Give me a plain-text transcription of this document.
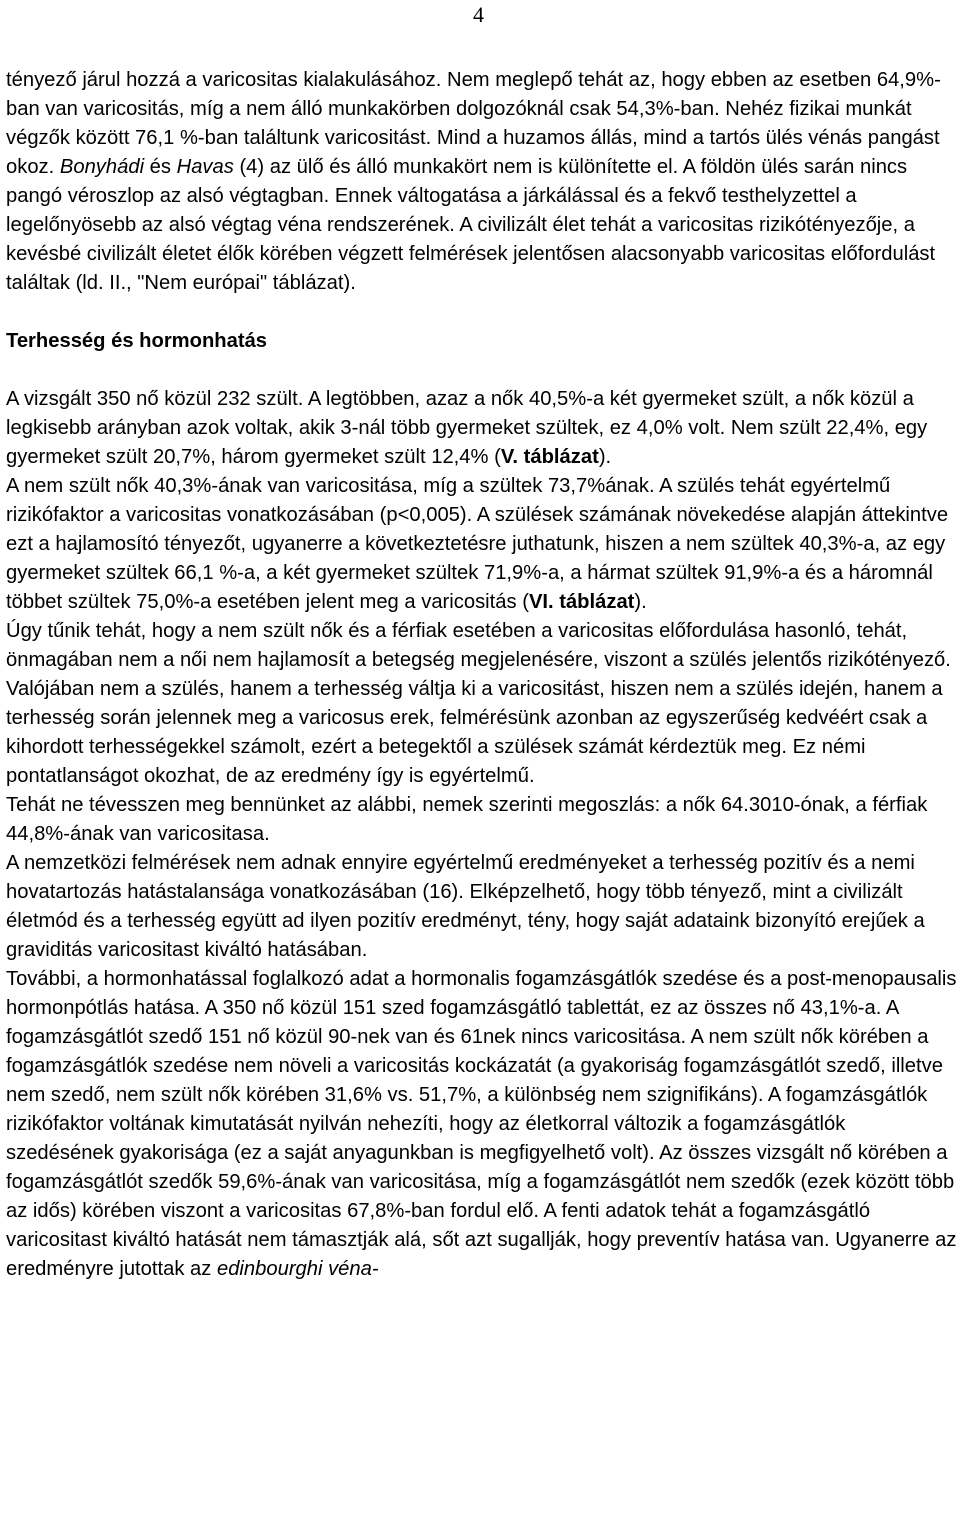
4

tényező járul hozzá a varicositas kialakulásához. Nem meglepő tehát az, hogy ebben az esetben 64,9%-ban van varicositás, míg a nem álló munkakörben dolgozóknál csak 54,3%-ban. Nehéz fizikai munkát végzők között 76,1 %-ban találtunk varicositást. Mind a huzamos állás, mind a tartós ülés vénás pangást okoz. Bonyhádi és Havas (4) az ülő és álló munkakört nem is különítette el. A földön ülés sarán nincs pangó véroszlop az alsó végtagban. Ennek váltogatása a járkálással és a fekvő testhelyzettel a legelőnyösebb az alsó végtag véna rendszerének. A civilizált élet tehát a varicositas rizikótényezője, a kevésbé civilizált életet élők körében végzett felmérések jelentősen alacsonyabb varicositas előfordulást találtak (ld. II., "Nem európai" táblázat).

Terhesség és hormonhatás

A vizsgált 350 nő közül 232 szült. A legtöbben, azaz a nők 40,5%-a két gyermeket szült, a nők közül a legkisebb arányban azok voltak, akik 3-nál több gyermeket szültek, ez 4,0% volt. Nem szült 22,4%, egy gyermeket szült 20,7%, három gyermeket szült 12,4% (V. táblázat).

A nem szült nők 40,3%-ának van varicositása, míg a szültek 73,7%ának. A szülés tehát egyértelmű rizikófaktor a varicositas vonatkozásában (p<0,005). A szülések számának növekedése alapján áttekintve ezt a hajlamosító tényezőt, ugyanerre a következtetésre juthatunk, hiszen a nem szültek 40,3%-a, az egy gyermeket szültek 66,1 %-a, a két gyermeket szültek 71,9%-a, a hármat szültek 91,9%-a és a háromnál többet szültek 75,0%-a esetében jelent meg a varicositás (VI. táblázat).

Úgy tűnik tehát, hogy a nem szült nők és a férfiak esetében a varicositas előfordulása hasonló, tehát, önmagában nem a női nem hajlamosít a betegség megjelenésére, viszont a szülés jelentős rizikótényező. Valójában nem a szülés, hanem a terhesség váltja ki a varicositást, hiszen nem a szülés idején, hanem a terhesség során jelennek meg a varicosus erek, felmérésünk azonban az egyszerűség kedvéért csak a kihordott terhességekkel számolt, ezért a betegektől a szülések számát kérdeztük meg. Ez némi pontatlanságot okozhat, de az eredmény így is egyértelmű.

Tehát ne tévesszen meg bennünket az alábbi, nemek szerinti megoszlás: a nők 64.3010-ónak, a férfiak 44,8%-ának van varicositasa.

A nemzetközi felmérések nem adnak ennyire egyértelmű eredményeket a terhesség pozitív és a nemi hovatartozás hatástalansága vonatkozásában (16). Elképzelhető, hogy több tényező, mint a civilizált életmód és a terhesség együtt ad ilyen pozitív eredményt, tény, hogy saját adataink bizonyító erejűek a graviditás varicositast kiváltó hatásában.

További, a hormonhatással foglalkozó adat a hormonalis fogamzásgátlók szedése és a post-menopausalis hormonpótlás hatása. A 350 nő közül 151 szed fogamzásgátló tablettát, ez az összes nő 43,1%-a. A fogamzásgátlót szedő 151 nő közül 90-nek van és 61nek nincs varicositása. A nem szült nők körében a fogamzásgátlók szedése nem növeli a varicositás kockázatát (a gyakoriság fogamzásgátlót szedő, illetve nem szedő, nem szült nők körében 31,6% vs. 51,7%, a különbség nem szignifikáns). A fogamzásgátlók rizikófaktor voltának kimutatását nyilván nehezíti, hogy az életkorral változik a fogamzásgátlók szedésének gyakorisága (ez a saját anyagunkban is megfigyelhető volt). Az összes vizsgált nő körében a fogamzásgátlót szedők 59,6%-ának van varicositása, míg a fogamzásgátlót nem szedők (ezek között több az idős) körében viszont a varicositas 67,8%-ban fordul elő. A fenti adatok tehát a fogamzásgátló varicositast kiváltó hatását nem támasztják alá, sőt azt sugallják, hogy preventív hatása van. Ugyanerre az eredményre jutottak az edinbourghi véna-
